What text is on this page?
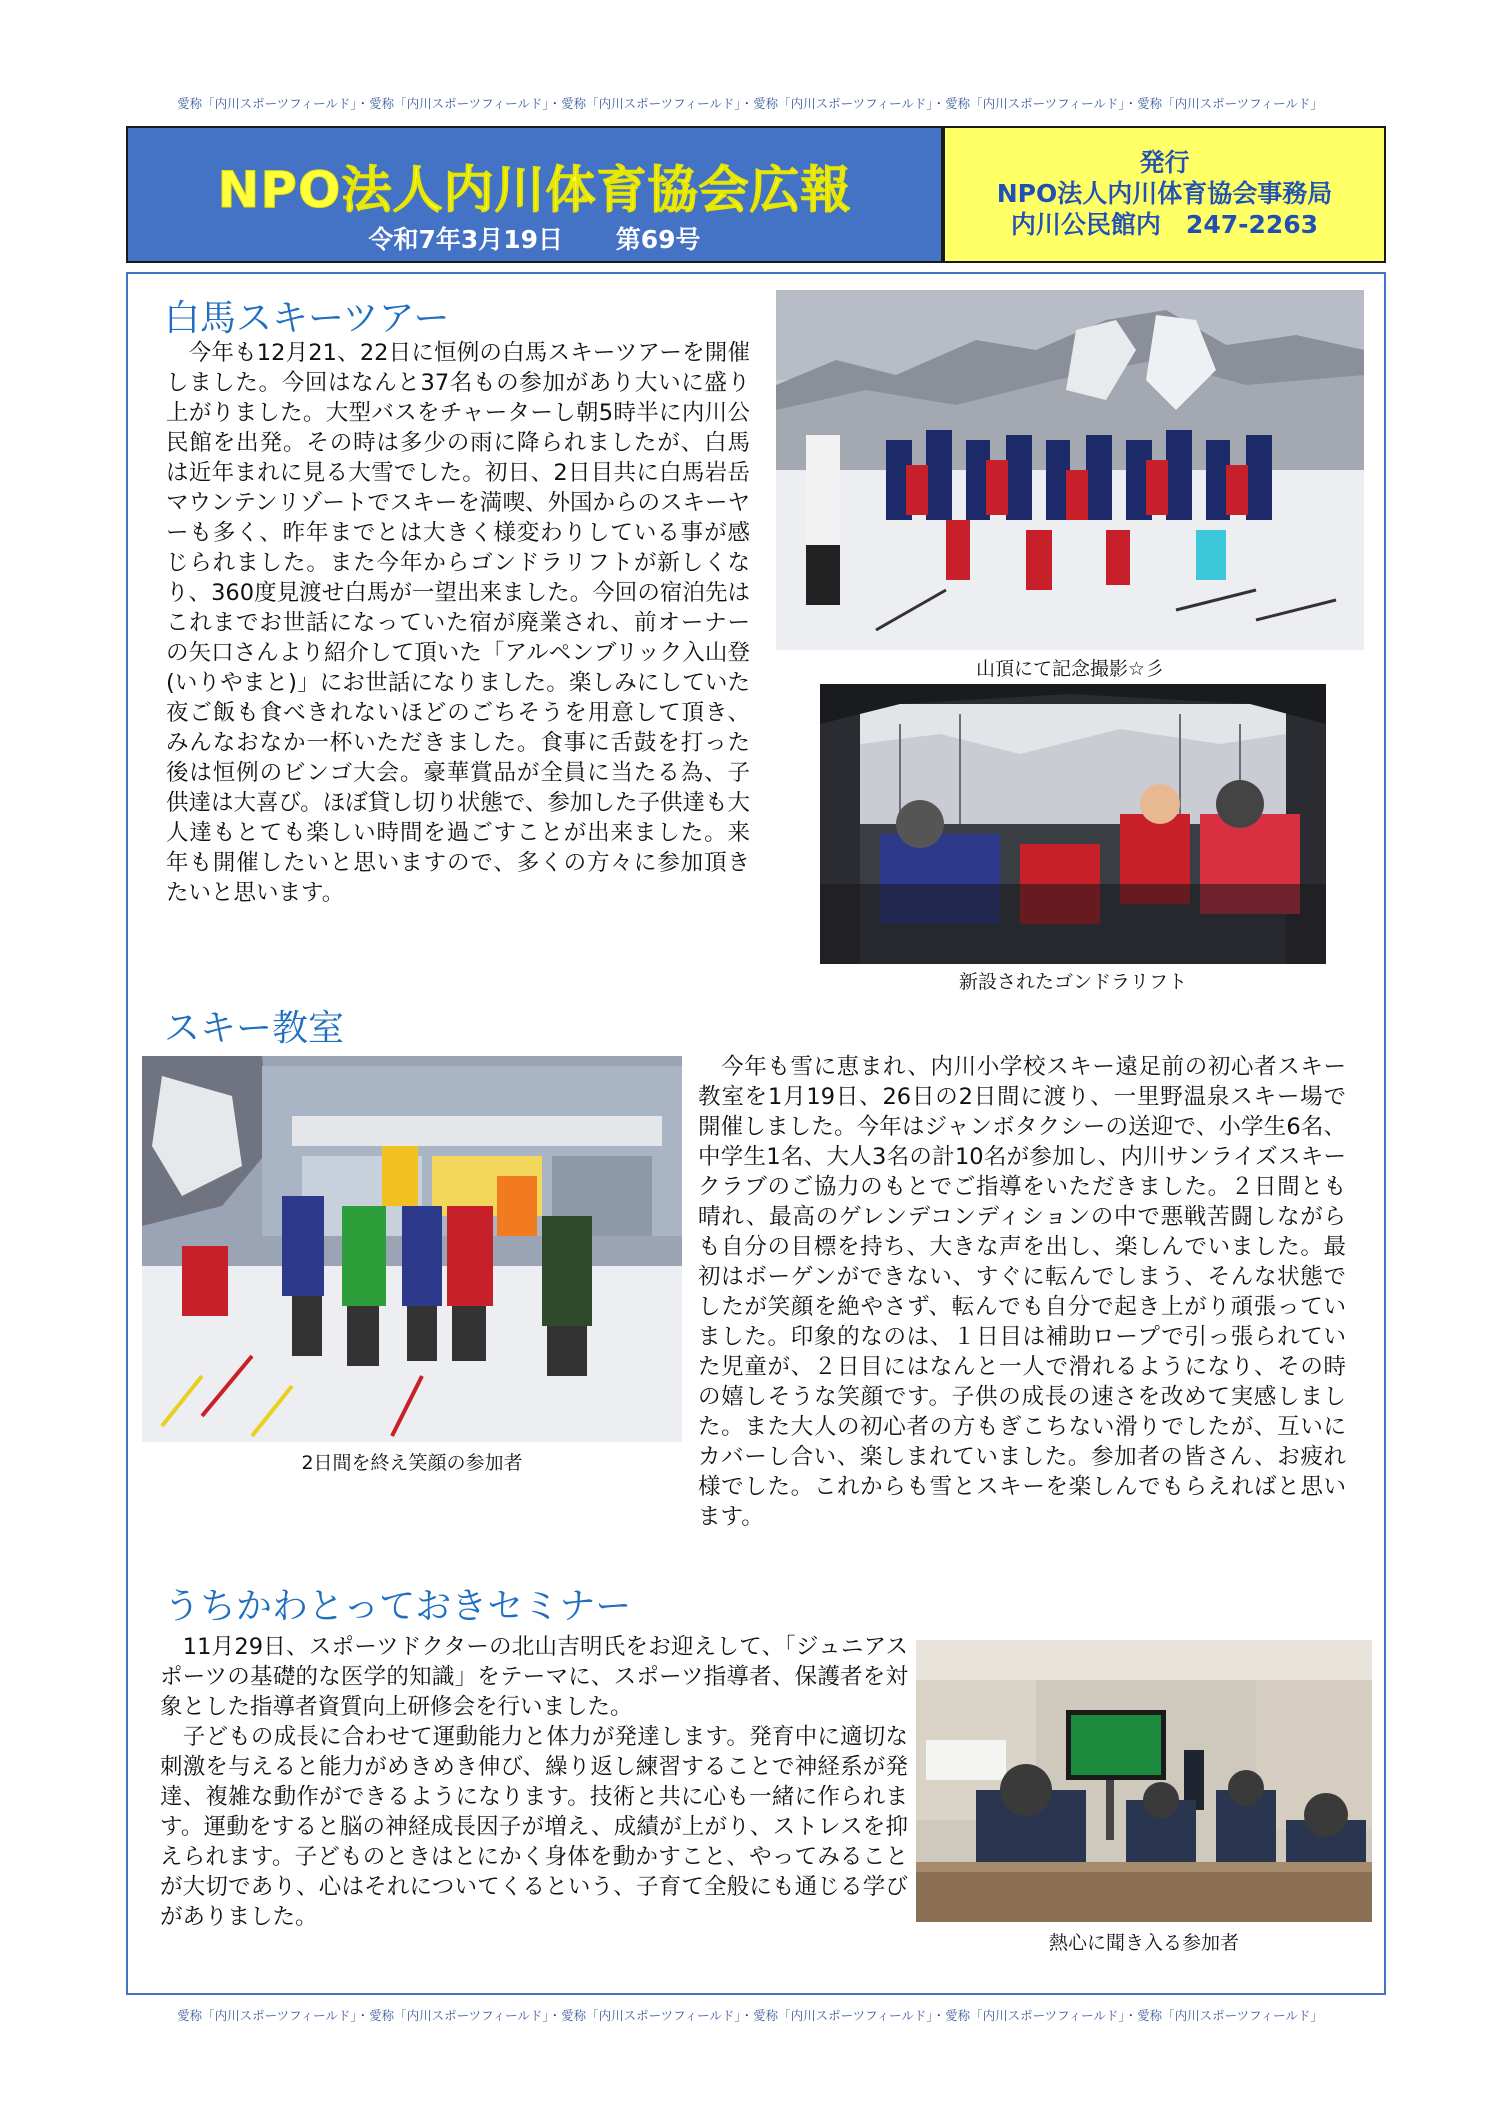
愛称「内川スポーツフィールド」・愛称「内川スポーツフィールド」・愛称「内川スポーツフィールド」・愛称「内川スポーツフィールド」・愛称「内川スポーツフィールド」・愛称「内川スポーツフィールド」
NPO法人内川体育協会広報
令和7年3月19日 第69号
発行
NPO法人内川体育協会事務局
内川公民館内　247-2263
白馬スキーツアー
　今年も12月21、22日に恒例の白馬スキーツアーを開催しました。今回はなんと37名もの参加があり大いに盛り上がりました。大型バスをチャーターし朝5時半に内川公民館を出発。その時は多少の雨に降られましたが、白馬は近年まれに見る大雪でした。初日、2日目共に白馬岩岳マウンテンリゾートでスキーを満喫、外国からのスキーヤーも多く、昨年までとは大きく様変わりしている事が感じられました。また今年からゴンドラリフトが新しくなり、360度見渡せ白馬が一望出来ました。今回の宿泊先はこれまでお世話になっていた宿が廃業され、前オーナーの矢口さんより紹介して頂いた「アルペンブリック入山登(いりやまと)」にお世話になりました。楽しみにしていた夜ご飯も食べきれないほどのごちそうを用意して頂き、みんなおなか一杯いただきました。食事に舌鼓を打った後は恒例のビンゴ大会。豪華賞品が全員に当たる為、子供達は大喜び。ほぼ貸し切り状態で、参加した子供達も大人達もとても楽しい時間を過ごすことが出来ました。来年も開催したいと思いますので、多くの方々に参加頂きたいと思います。
山頂にて記念撮影☆彡
新設されたゴンドラリフト
スキー教室
2日間を終え笑顔の参加者
　今年も雪に恵まれ、内川小学校スキー遠足前の初心者スキー教室を1月19日、26日の2日間に渡り、一里野温泉スキー場で開催しました。今年はジャンボタクシーの送迎で、小学生6名、中学生1名、大人3名の計10名が参加し、内川サンライズスキークラブのご協力のもとでご指導をいただきました。２日間とも晴れ、最高のゲレンデコンディションの中で悪戦苦闘しながらも自分の目標を持ち、大きな声を出し、楽しんでいました。最初はボーゲンができない、すぐに転んでしまう、そんな状態でしたが笑顔を絶やさず、転んでも自分で起き上がり頑張っていました。印象的なのは、１日目は補助ロープで引っ張られていた児童が、２日目にはなんと一人で滑れるようになり、その時の嬉しそうな笑顔です。子供の成長の速さを改めて実感しました。また大人の初心者の方もぎこちない滑りでしたが、互いにカバーし合い、楽しまれていました。参加者の皆さん、お疲れ様でした。これからも雪とスキーを楽しんでもらえればと思います。
うちかわとっておきセミナー
　11月29日、スポーツドクターの北山吉明氏をお迎えして、「ジュニアスポーツの基礎的な医学的知識」をテーマに、スポーツ指導者、保護者を対象とした指導者資質向上研修会を行いました。
　子どもの成長に合わせて運動能力と体力が発達します。発育中に適切な刺激を与えると能力がめきめき伸び、繰り返し練習することで神経系が発達、複雑な動作ができるようになります。技術と共に心も一緒に作られます。運動をすると脳の神経成長因子が増え、成績が上がり、ストレスを抑えられます。子どものときはとにかく身体を動かすこと、やってみることが大切であり、心はそれについてくるという、子育て全般にも通じる学びがありました。
熱心に聞き入る参加者
愛称「内川スポーツフィールド」・愛称「内川スポーツフィールド」・愛称「内川スポーツフィールド」・愛称「内川スポーツフィールド」・愛称「内川スポーツフィールド」・愛称「内川スポーツフィールド」
